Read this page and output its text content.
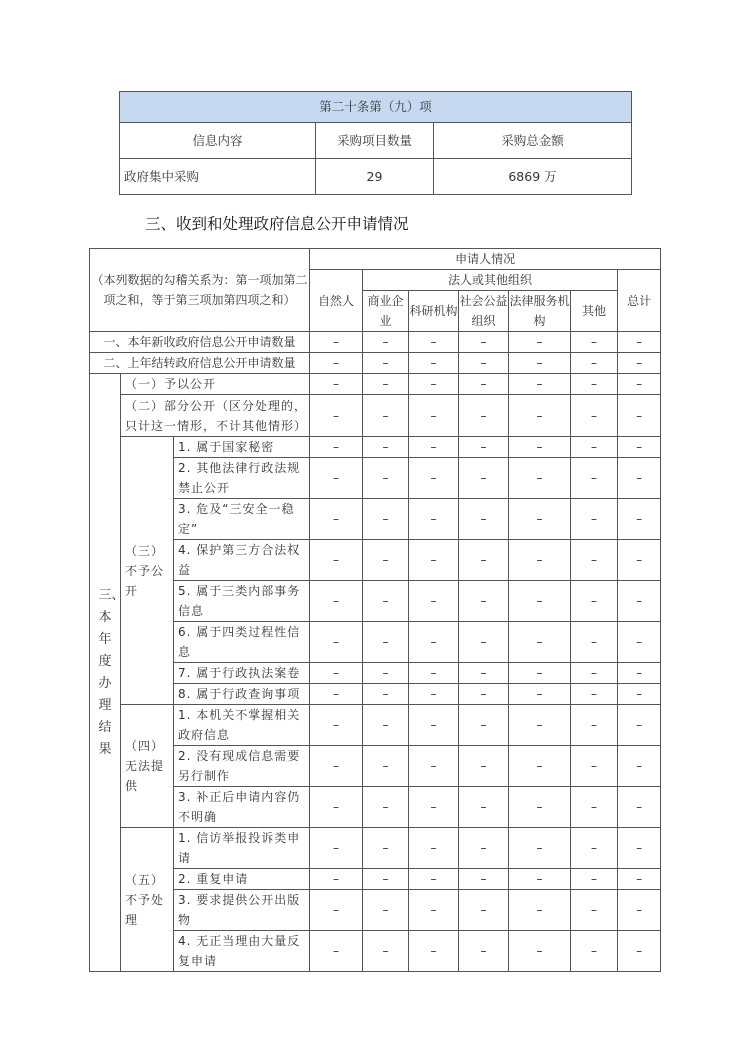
第二十条第（九）项		
信息内容	采购项目数量	采购总金额
政府集中采购	29	6869 万
三、收到和处理政府信息公开申请情况
（本列数据的勾稽关系为：第一项加第二项之和，等于第三项加第四项之和）			申请人情况						
			自然人	法人或其他组织					总计
				商业企业	科研机构	社会公益组织	法律服务机构	其他	
一、本年新收政府信息公开申请数量			–	–	–	–	–	–	–
二、上年结转政府信息公开申请数量			–	–	–	–	–	–	–

三、本年度办理结果	（一）予以公开		–	–	–	–	–	–	–
	（二）部分公开（区分处理的，只计这一情形，不计其他情形）		–	–	–	–	–	–	–
	（三）不予公开	1. 属于国家秘密	–	–	–	–	–	–	–
		2. 其他法律行政法规禁止公开	–	–	–	–	–	–	–
		3. 危及“三安全一稳定”	–	–	–	–	–	–	–
		4. 保护第三方合法权益	–	–	–	–	–	–	–
		5. 属于三类内部事务信息	–	–	–	–	–	–	–
		6. 属于四类过程性信息	–	–	–	–	–	–	–
		7. 属于行政执法案卷	–	–	–	–	–	–	–
		8. 属于行政查询事项	–	–	–	–	–	–	–
	（四）无法提供	1. 本机关不掌握相关政府信息	–	–	–	–	–	–	–
		2. 没有现成信息需要另行制作	–	–	–	–	–	–	–
		3. 补正后申请内容仍不明确	–	–	–	–	–	–	–
	（五）不予处理	1. 信访举报投诉类申请	–	–	–	–	–	–	–
		2. 重复申请	–	–	–	–	–	–	–
		3. 要求提供公开出版物	–	–	–	–	–	–	–
		4. 无正当理由大量反复申请	–	–	–	–	–	–	–
